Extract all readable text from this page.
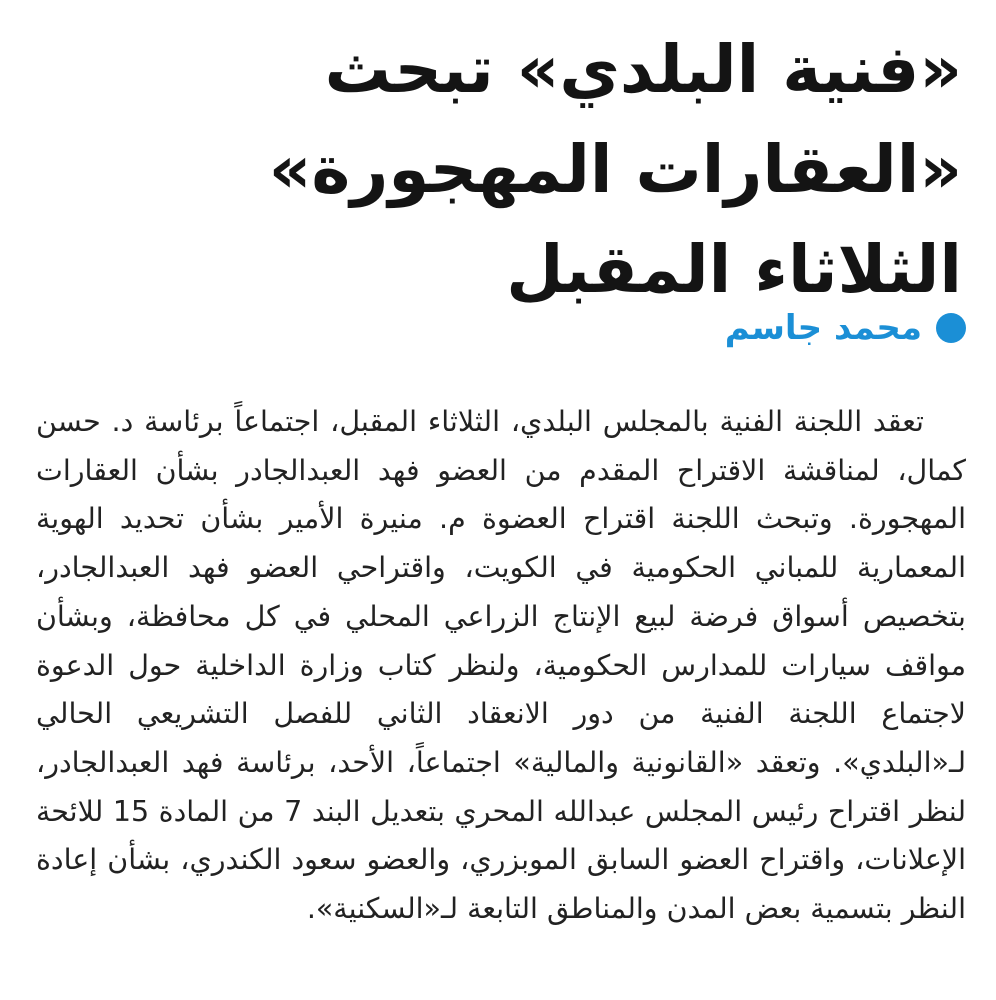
«فنية البلدي» تبحث «العقارات المهجورة» الثلاثاء المقبل
محمد جاسم

تعقد اللجنة الفنية بالمجلس البلدي، الثلاثاء المقبل، اجتماعاً برئاسة د. حسن كمال، لمناقشة الاقتراح المقدم من العضو فهد العبدالجادر بشأن العقارات المهجورة. وتبحث اللجنة اقتراح العضوة م. منيرة الأمير بشأن تحديد الهوية المعمارية للمباني الحكومية في الكويت، واقتراحي العضو فهد العبدالجادر، بتخصيص أسواق فرضة لبيع الإنتاج الزراعي المحلي في كل محافظة، وبشأن مواقف سيارات للمدارس الحكومية، ولنظر كتاب وزارة الداخلية حول الدعوة لاجتماع اللجنة الفنية من دور الانعقاد الثاني للفصل التشريعي الحالي لـ«البلدي». وتعقد «القانونية والمالية» اجتماعاً، الأحد، برئاسة فهد العبدالجادر، لنظر اقتراح رئيس المجلس عبدالله المحري بتعديل البند 7 من المادة 15 للائحة الإعلانات، واقتراح العضو السابق الموبزري، والعضو سعود الكندري، بشأن إعادة النظر بتسمية بعض المدن والمناطق التابعة لـ«السكنية».
